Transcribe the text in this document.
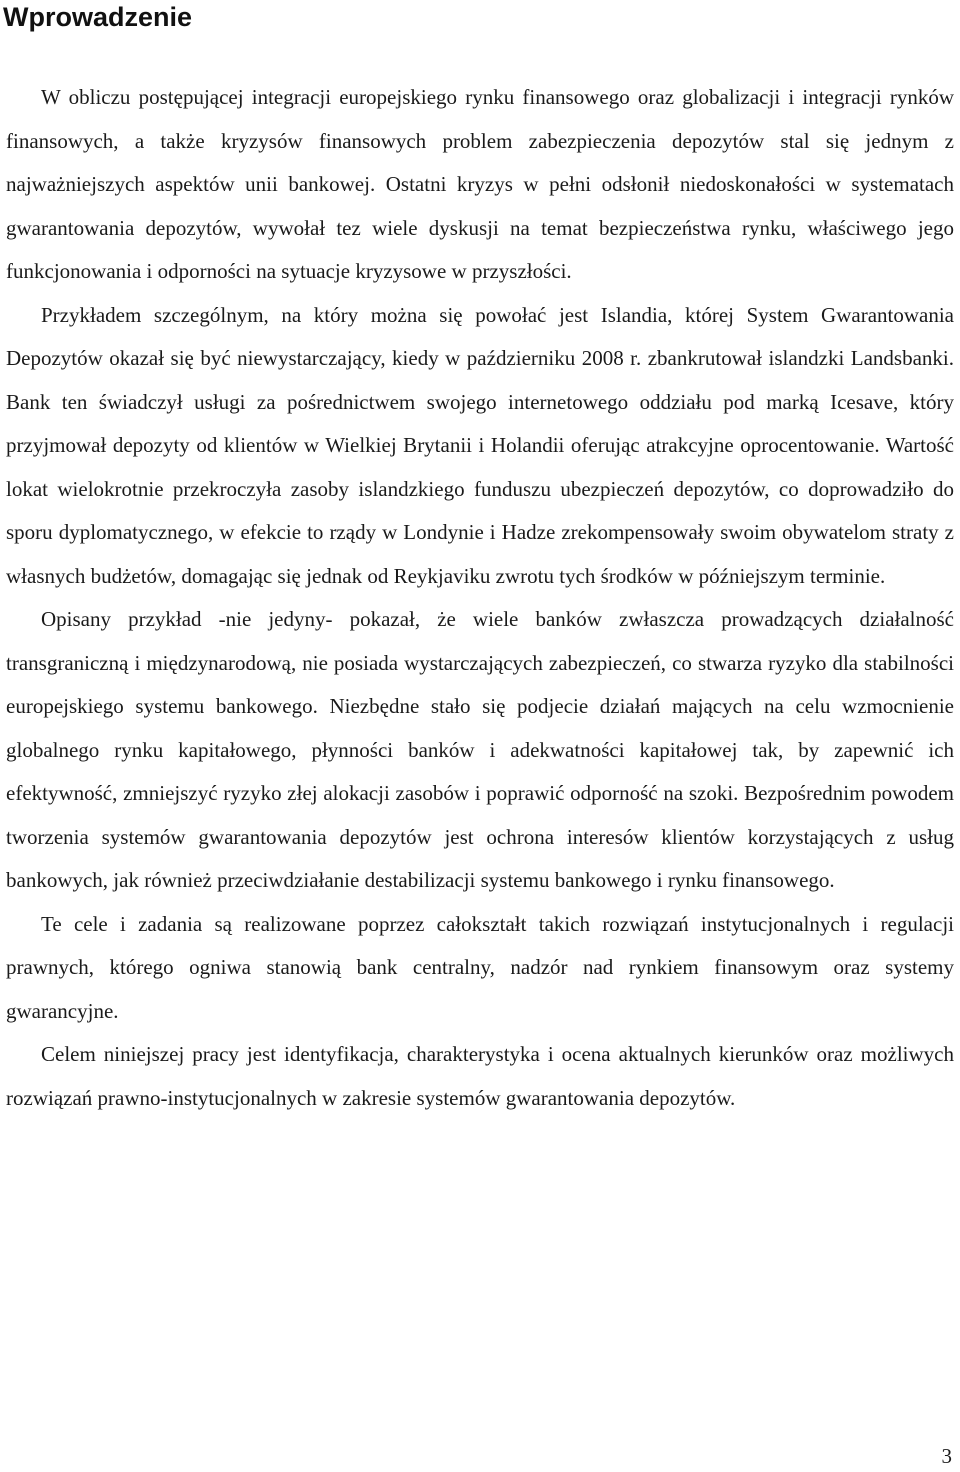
Wprowadzenie

W obliczu postępującej integracji europejskiego rynku finansowego oraz globalizacji i integracji rynków finansowych, a także kryzysów finansowych problem zabezpieczenia depozytów stal się jednym z najważniejszych aspektów unii bankowej. Ostatni kryzys w pełni odsłonił niedoskonałości w systematach gwarantowania depozytów, wywołał tez wiele dyskusji na temat bezpieczeństwa rynku, właściwego jego funkcjonowania i odporności na sytuacje kryzysowe w przyszłości.

Przykładem szczególnym, na który można się powołać jest Islandia, której System Gwarantowania Depozytów okazał się być niewystarczający, kiedy w październiku 2008 r. zbankrutował islandzki Landsbanki. Bank ten świadczył usługi za pośrednictwem swojego internetowego oddziału pod marką Icesave, który przyjmował depozyty od klientów w Wielkiej Brytanii i Holandii oferując atrakcyjne oprocentowanie. Wartość lokat wielokrotnie przekroczyła zasoby islandzkiego funduszu ubezpieczeń depozytów, co doprowadziło do sporu dyplomatycznego, w efekcie to rządy w Londynie i Hadze zrekompensowały swoim obywatelom straty z własnych budżetów, domagając się jednak od Reykjaviku zwrotu tych środków w późniejszym terminie.

Opisany przykład -nie jedyny- pokazał, że wiele banków zwłaszcza prowadzących działalność transgraniczną i międzynarodową, nie posiada wystarczających zabezpieczeń, co stwarza ryzyko dla stabilności europejskiego systemu bankowego. Niezbędne stało się podjecie działań mających na celu wzmocnienie globalnego rynku kapitałowego, płynności banków i adekwatności kapitałowej tak, by zapewnić ich efektywność, zmniejszyć ryzyko złej alokacji zasobów i poprawić odporność na szoki. Bezpośrednim powodem tworzenia systemów gwarantowania depozytów jest ochrona interesów klientów korzystających z usług bankowych, jak również przeciwdziałanie destabilizacji systemu bankowego i rynku finansowego.

Te cele i zadania są realizowane poprzez całokształt takich rozwiązań instytucjonalnych i regulacji prawnych, którego ogniwa stanowią bank centralny, nadzór nad rynkiem finansowym oraz systemy gwarancyjne.

Celem niniejszej pracy jest identyfikacja, charakterystyka i ocena aktualnych kierunków oraz możliwych rozwiązań prawno-instytucjonalnych w zakresie systemów gwarantowania depozytów.

3
